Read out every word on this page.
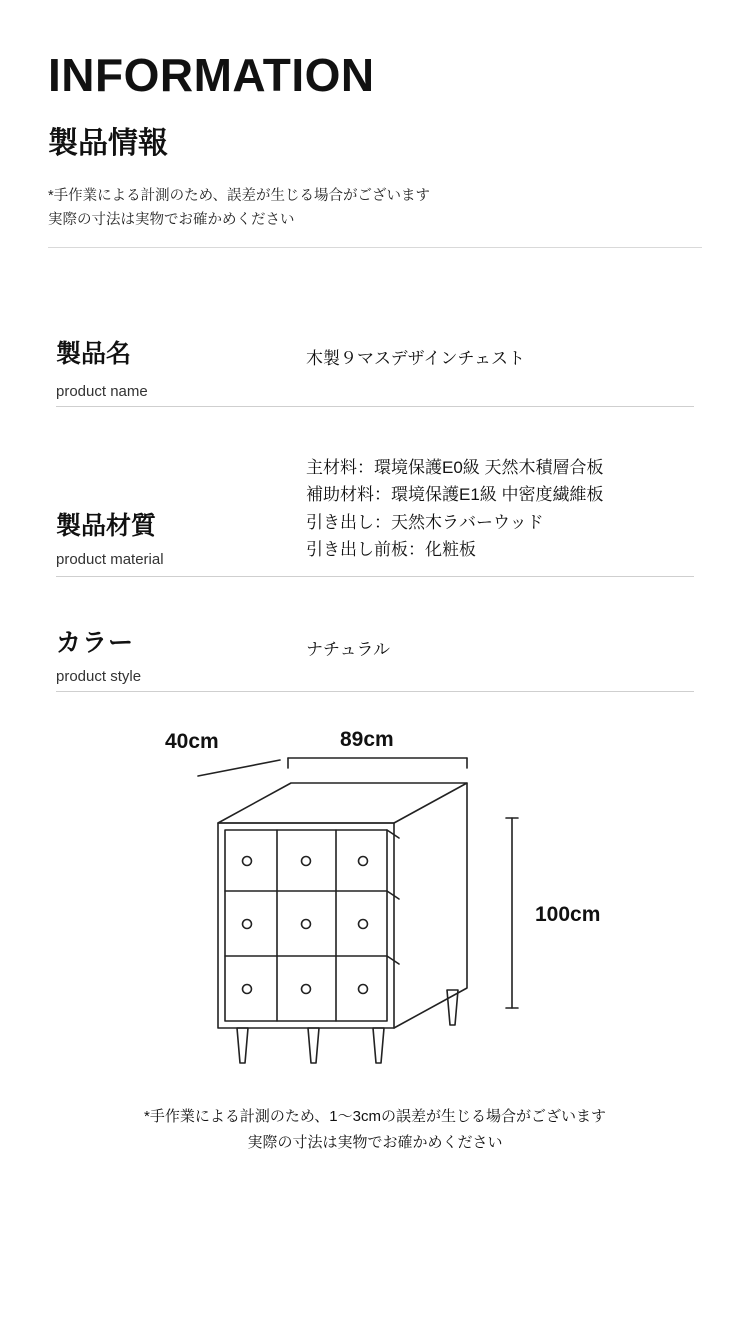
INFORMATION
製品情報
*手作業による計測のため、誤差が生じる場合がございます
実際の寸法は実物でお確かめください
製品名
product name
木製９マスデザインチェスト
製品材質
product material
主材料：環境保護E0級 天然木積層合板
補助材料：環境保護E1級 中密度繊維板
引き出し：天然木ラバーウッド
引き出し前板：化粧板
カラー
product style
ナチュラル
40cm	89cm
100cm
*手作業による計測のため、1～3cmの誤差が生じる場合がございます
実際の寸法は実物でお確かめください
